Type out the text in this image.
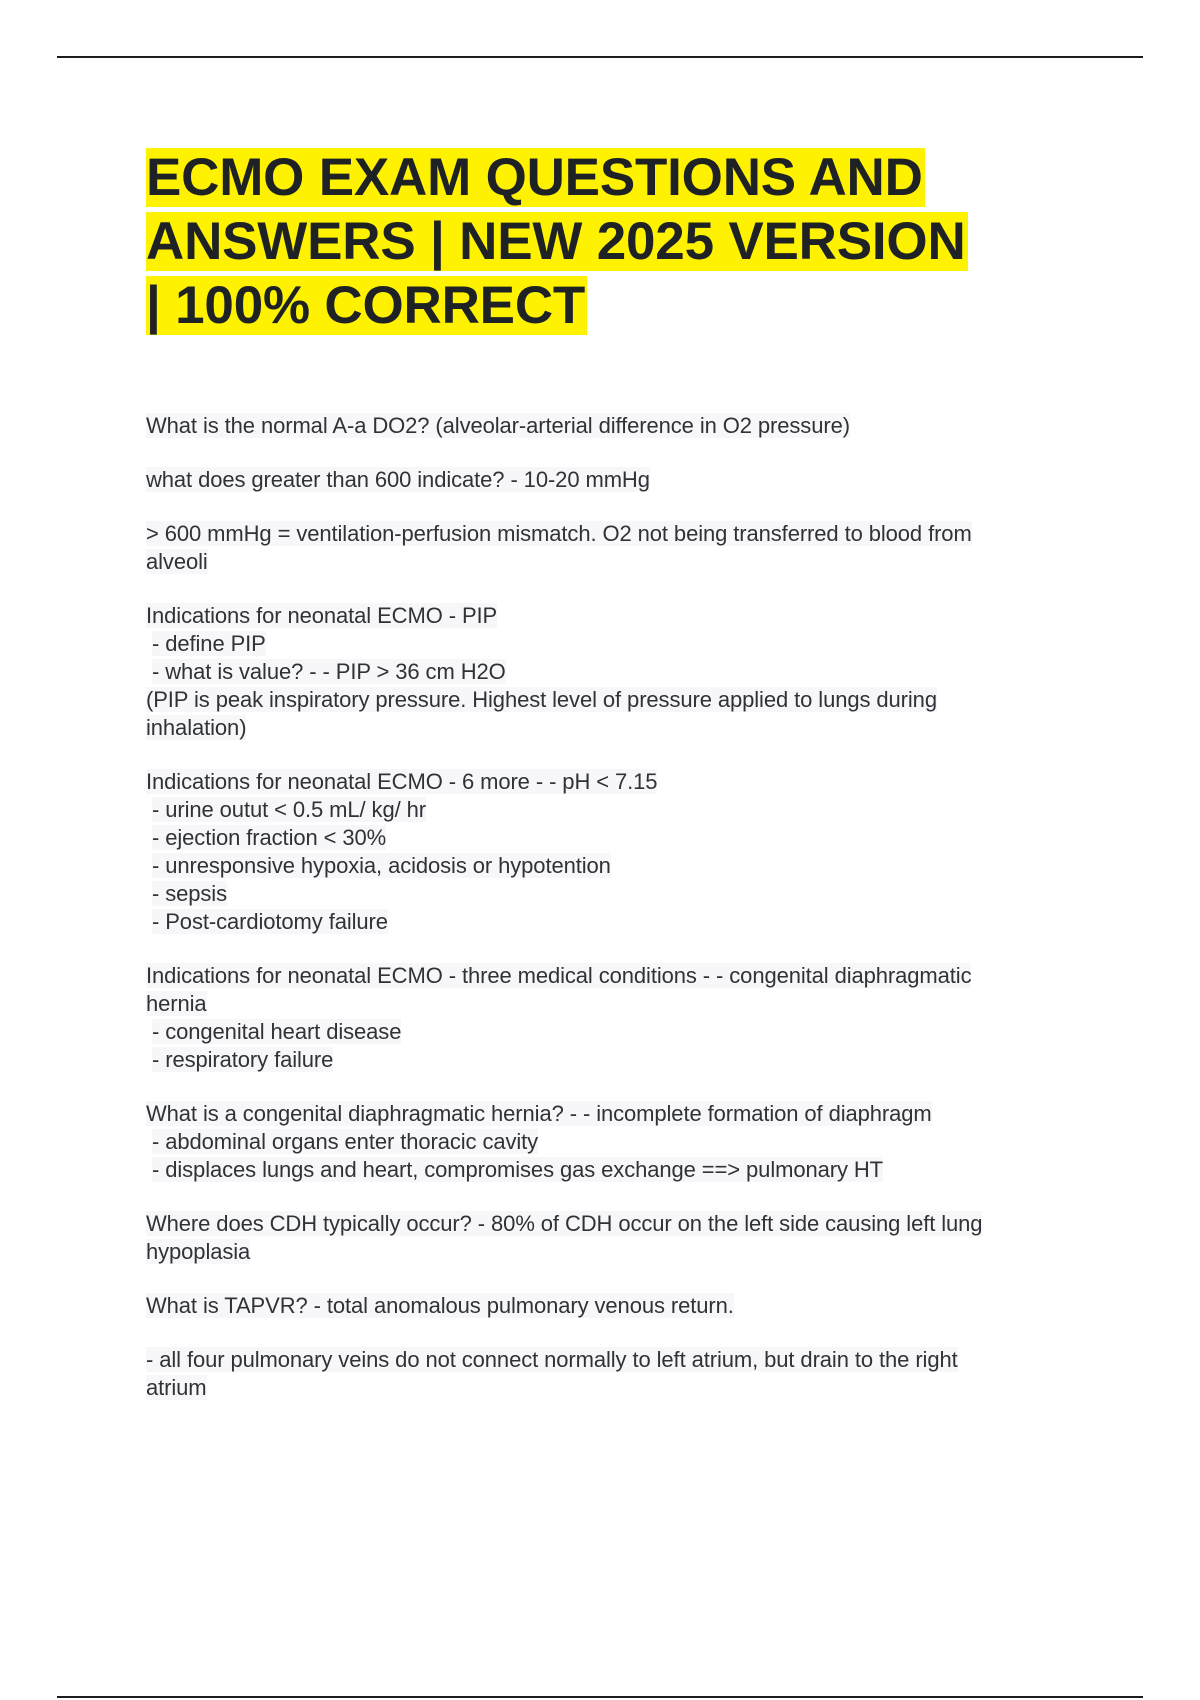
ECMO EXAM QUESTIONS AND
ANSWERS | NEW 2025 VERSION
| 100% CORRECT

What is the normal A-a DO2? (alveolar-arterial difference in O2 pressure)

what does greater than 600 indicate? - 10-20 mmHg

> 600 mmHg = ventilation-perfusion mismatch. O2 not being transferred to blood from
alveoli

Indications for neonatal ECMO - PIP
- define PIP
- what is value? - - PIP > 36 cm H2O
(PIP is peak inspiratory pressure. Highest level of pressure applied to lungs during
inhalation)

Indications for neonatal ECMO - 6 more - - pH < 7.15
- urine outut < 0.5 mL/ kg/ hr
- ejection fraction < 30%
- unresponsive hypoxia, acidosis or hypotention
- sepsis
- Post-cardiotomy failure

Indications for neonatal ECMO - three medical conditions - - congenital diaphragmatic
hernia
- congenital heart disease
- respiratory failure

What is a congenital diaphragmatic hernia? - - incomplete formation of diaphragm
- abdominal organs enter thoracic cavity
- displaces lungs and heart, compromises gas exchange ==> pulmonary HT

Where does CDH typically occur? - 80% of CDH occur on the left side causing left lung
hypoplasia

What is TAPVR? - total anomalous pulmonary venous return.

- all four pulmonary veins do not connect normally to left atrium, but drain to the right
atrium
